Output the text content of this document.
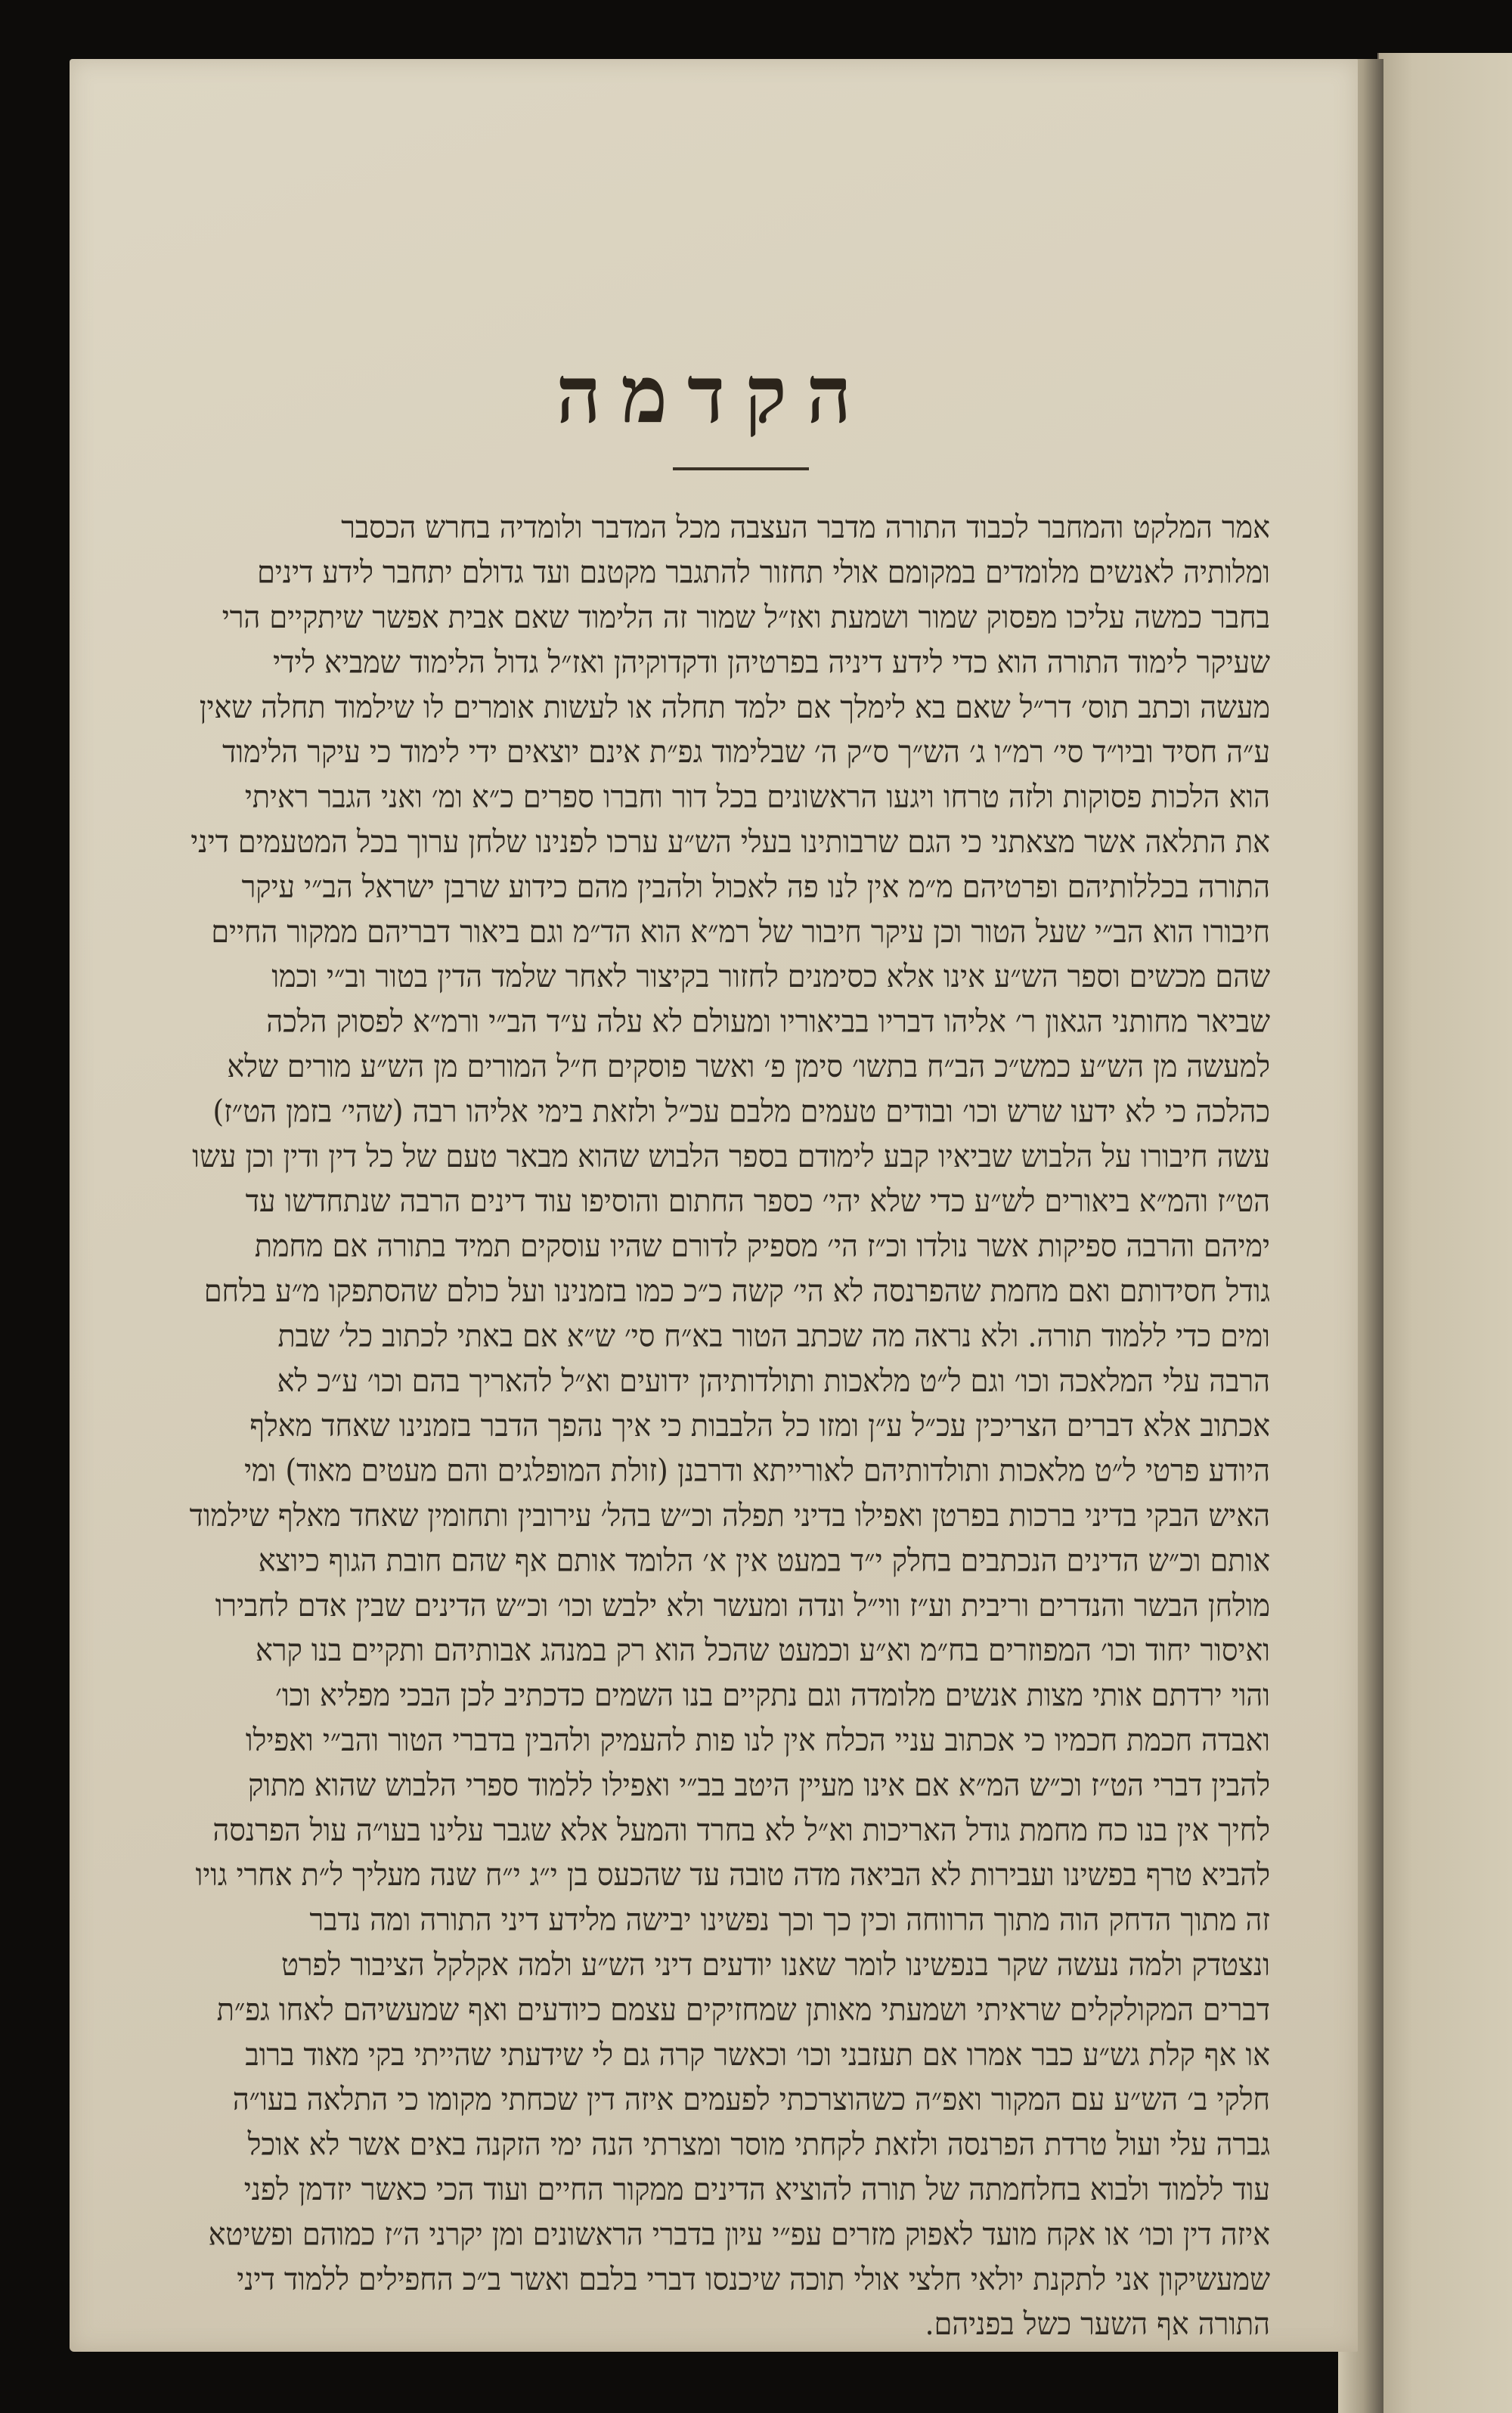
הקדמה
אמר המלקט והמחבר לכבוד התורה מדבר העצבה מכל המדבר ולומדיה בחרש הכסבר
ומלותיה לאנשים מלומדים במקומם אולי תחזור להתגבר מקטנם ועד גדולם יתחבר לידע דינים
בחבר כמשה עליכו מפסוק שמור ושמעת ואז״ל שמור זה הלימוד שאם אבית אפשר שיתקיים הרי
שעיקר לימוד התורה הוא כדי לידע דיניה בפרטיהן ודקדוקיהן ואז״ל גדול הלימוד שמביא לידי
מעשה וכתב תוס׳ דר״ל שאם בא לימלך אם ילמד תחלה או לעשות אומרים לו שילמוד תחלה שאין
ע״ה חסיד וביו״ד סי׳ רמ״ו ג׳ הש״ך ס״ק ה׳ שבלימוד גפ״ת אינם יוצאים ידי לימוד כי עיקר הלימוד
הוא הלכות פסוקות ולזה טרחו ויגעו הראשונים בכל דור וחברו ספרים כ״א ומ׳ ואני הגבר ראיתי
את התלאה אשר מצאתני כי הגם שרבותינו בעלי הש״ע ערכו לפנינו שלחן ערוך בכל המטעמים דיני
התורה בכללותיהם ופרטיהם מ״מ אין לנו פה לאכול ולהבין מהם כידוע שרבן ישראל הב״י עיקר
חיבורו הוא הב״י שעל הטור וכן עיקר חיבור של רמ״א הוא הד״מ וגם ביאור דבריהם ממקור החיים
שהם מכשים וספר הש״ע אינו אלא כסימנים לחזור בקיצור לאחר שלמד הדין בטור וב״י וכמו
שביאר מחותני הגאון ר׳ אליהו דבריו בביאוריו ומעולם לא עלה ע״ד הב״י ורמ״א לפסוק הלכה
למעשה מן הש״ע כמש״כ הב״ח בתשו׳ סימן פ׳ ואשר פוסקים ח״ל המורים מן הש״ע מורים שלא
כהלכה כי לא ידעו שרש וכו׳ ובודים טעמים מלבם עכ״ל ולזאת בימי אליהו רבה (שהי׳ בזמן הט״ז)
עשה חיבורו על הלבוש שביאיו קבע לימודם בספר הלבוש שהוא מבאר טעם של כל דין ודין וכן עשו
הט״ז והמ״א ביאורים לש״ע כדי שלא יהי׳ כספר החתום והוסיפו עוד דינים הרבה שנתחדשו עד
ימיהם והרבה ספיקות אשר נולדו וכ״ז הי׳ מספיק לדורם שהיו עוסקים תמיד בתורה אם מחמת
גודל חסידותם ואם מחמת שהפרנסה לא הי׳ קשה כ״כ כמו בזמנינו ועל כולם שהסתפקו מ״ע בלחם
ומים כדי ללמוד תורה. ולא נראה מה שכתב הטור בא״ח סי׳ ש״א אם באתי לכתוב כל׳ שבת
הרבה עלי המלאכה וכו׳ וגם ל״ט מלאכות ותולדותיהן ידועים וא״ל להאריך בהם וכו׳ ע״כ לא
אכתוב אלא דברים הצריכין עכ״ל ע״ן ומזו כל הלבבות כי איך נהפך הדבר בזמנינו שאחד מאלף
היודע פרטי ל״ט מלאכות ותולדותיהם לאורייתא ודרבנן (זולת המופלגים והם מעטים מאוד) ומי
האיש הבקי בדיני ברכות בפרטן ואפילו בדיני תפלה וכ״ש בהל׳ עירובין ותחומין שאחד מאלף שילמוד
אותם וכ״ש הדינים הנכתבים בחלק י״ד במעט אין א׳ הלומד אותם אף שהם חובת הגוף כיוצא
מולחן הבשר והנדרים וריבית וע״ז ווי״ל ונדה ומעשר ולא ילבש וכו׳ וכ״ש הדינים שבין אדם לחבירו
ואיסור יחוד וכו׳ המפוזרים בח״מ וא״ע וכמעט שהכל הוא רק במנהג אבותיהם ותקיים בנו קרא
והוי ירדתם אותי מצות אנשים מלומדה וגם נתקיים בנו השמים כדכתיב לכן הבכי מפליא וכו׳
ואבדה חכמת חכמיו כי אכתוב עניי הכלח אין לנו פות להעמיק ולהבין בדברי הטור והב״י ואפילו
להבין דברי הט״ז וכ״ש המ״א אם אינו מעיין היטב בב״י ואפילו ללמוד ספרי הלבוש שהוא מתוק
לחיך אין בנו כח מחמת גודל האריכות וא״ל לא בחרד והמעל אלא שגבר עלינו בעו״ה עול הפרנסה
להביא טרף בפשינו ועבירות לא הביאה מדה טובה עד שהכעס בן י״ג י״ח שנה מעליך ל״ת אחרי גויו
זה מתוך הדחק הוה מתוך הרווחה וכין כך וכך נפשינו יבישה מלידע דיני התורה ומה נדבר
ונצטדק ולמה נעשה שקר בנפשינו לומר שאנו יודעים דיני הש״ע ולמה אקלקל הציבור לפרט
דברים המקולקלים שראיתי ושמעתי מאותן שמחזיקים עצמם כיודעים ואף שמעשיהם לאחו גפ״ת
או אף קלת גש״ע כבר אמרו אם תעזבני וכו׳ וכאשר קרה גם לי שידעתי שהייתי בקי מאוד ברוב
חלקי ב׳ הש״ע עם המקור ואפ״ה כשהוצרכתי לפעמים איזה דין שכחתי מקומו כי התלאה בעו״ה
גברה עלי ועול טרדת הפרנסה ולזאת לקחתי מוסר ומצרתי הנה ימי הזקנה באים אשר לא אוכל
עוד ללמוד ולבוא בחלחמתה של תורה להוציא הדינים ממקור החיים ועוד הכי כאשר יזדמן לפני
איזה דין וכו׳ או אקח מועד לאפוק מזרים עפ״י עיון בדברי הראשונים ומן יקרני ה״ז כמוהם ופשיטא
שמעשיקון אני לתקנת יולאי חלצי אולי תוכה שיכנסו דברי בלבם ואשר ב״כ החפילים ללמוד דיני
התורה אף השער כשל בפניהם.
